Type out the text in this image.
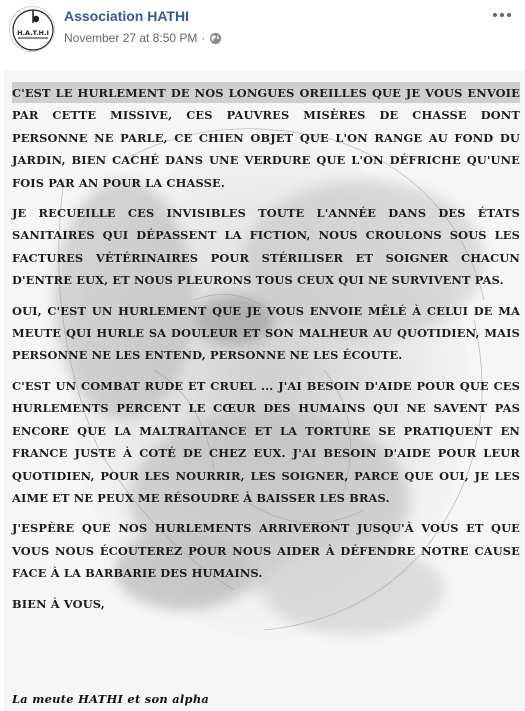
H.A.T.H.I
Association HATHI
November 27 at 8:50 PM ·

C'EST LE HURLEMENT DE NOS LONGUES OREILLES QUE JE VOUS ENVOIE PAR CETTE MISSIVE, CES PAUVRES MISÈRES DE CHASSE DONT PERSONNE NE PARLE, CE CHIEN OBJET QUE L'ON RANGE AU FOND DU JARDIN, BIEN CACHÉ DANS UNE VERDURE QUE L'ON DÉFRICHE QU'UNE FOIS PAR AN POUR LA CHASSE.

JE RECUEILLE CES INVISIBLES TOUTE L'ANNÉE DANS DES ÉTATS SANITAIRES QUI DÉPASSENT LA FICTION, NOUS CROULONS SOUS LES FACTURES VÉTÉRINAIRES POUR STÉRILISER ET SOIGNER CHACUN D'ENTRE EUX, ET NOUS PLEURONS TOUS CEUX QUI NE SURVIVENT PAS.

OUI, C'EST UN HURLEMENT QUE JE VOUS ENVOIE MÊLÉ À CELUI DE MA MEUTE QUI HURLE SA DOULEUR ET SON MALHEUR AU QUOTIDIEN, MAIS PERSONNE NE LES ENTEND, PERSONNE NE LES ÉCOUTE.

C'EST UN COMBAT RUDE ET CRUEL ... J'AI BESOIN D'AIDE POUR QUE CES HURLEMENTS PERCENT LE CŒUR DES HUMAINS QUI NE SAVENT PAS ENCORE QUE LA MALTRAITANCE ET LA TORTURE SE PRATIQUENT EN FRANCE JUSTE À COTÉ DE CHEZ EUX. J'AI BESOIN D'AIDE POUR LEUR QUOTIDIEN, POUR LES NOURRIR, LES SOIGNER, PARCE QUE OUI, JE LES AIME ET NE PEUX ME RÉSOUDRE À BAISSER LES BRAS.

J'ESPÈRE QUE NOS HURLEMENTS ARRIVERONT JUSQU'À VOUS ET QUE VOUS NOUS ÉCOUTEREZ POUR NOUS AIDER À DÉFENDRE NOTRE CAUSE FACE À LA BARBARIE DES HUMAINS.

BIEN À VOUS,

La meute HATHI et son alpha
